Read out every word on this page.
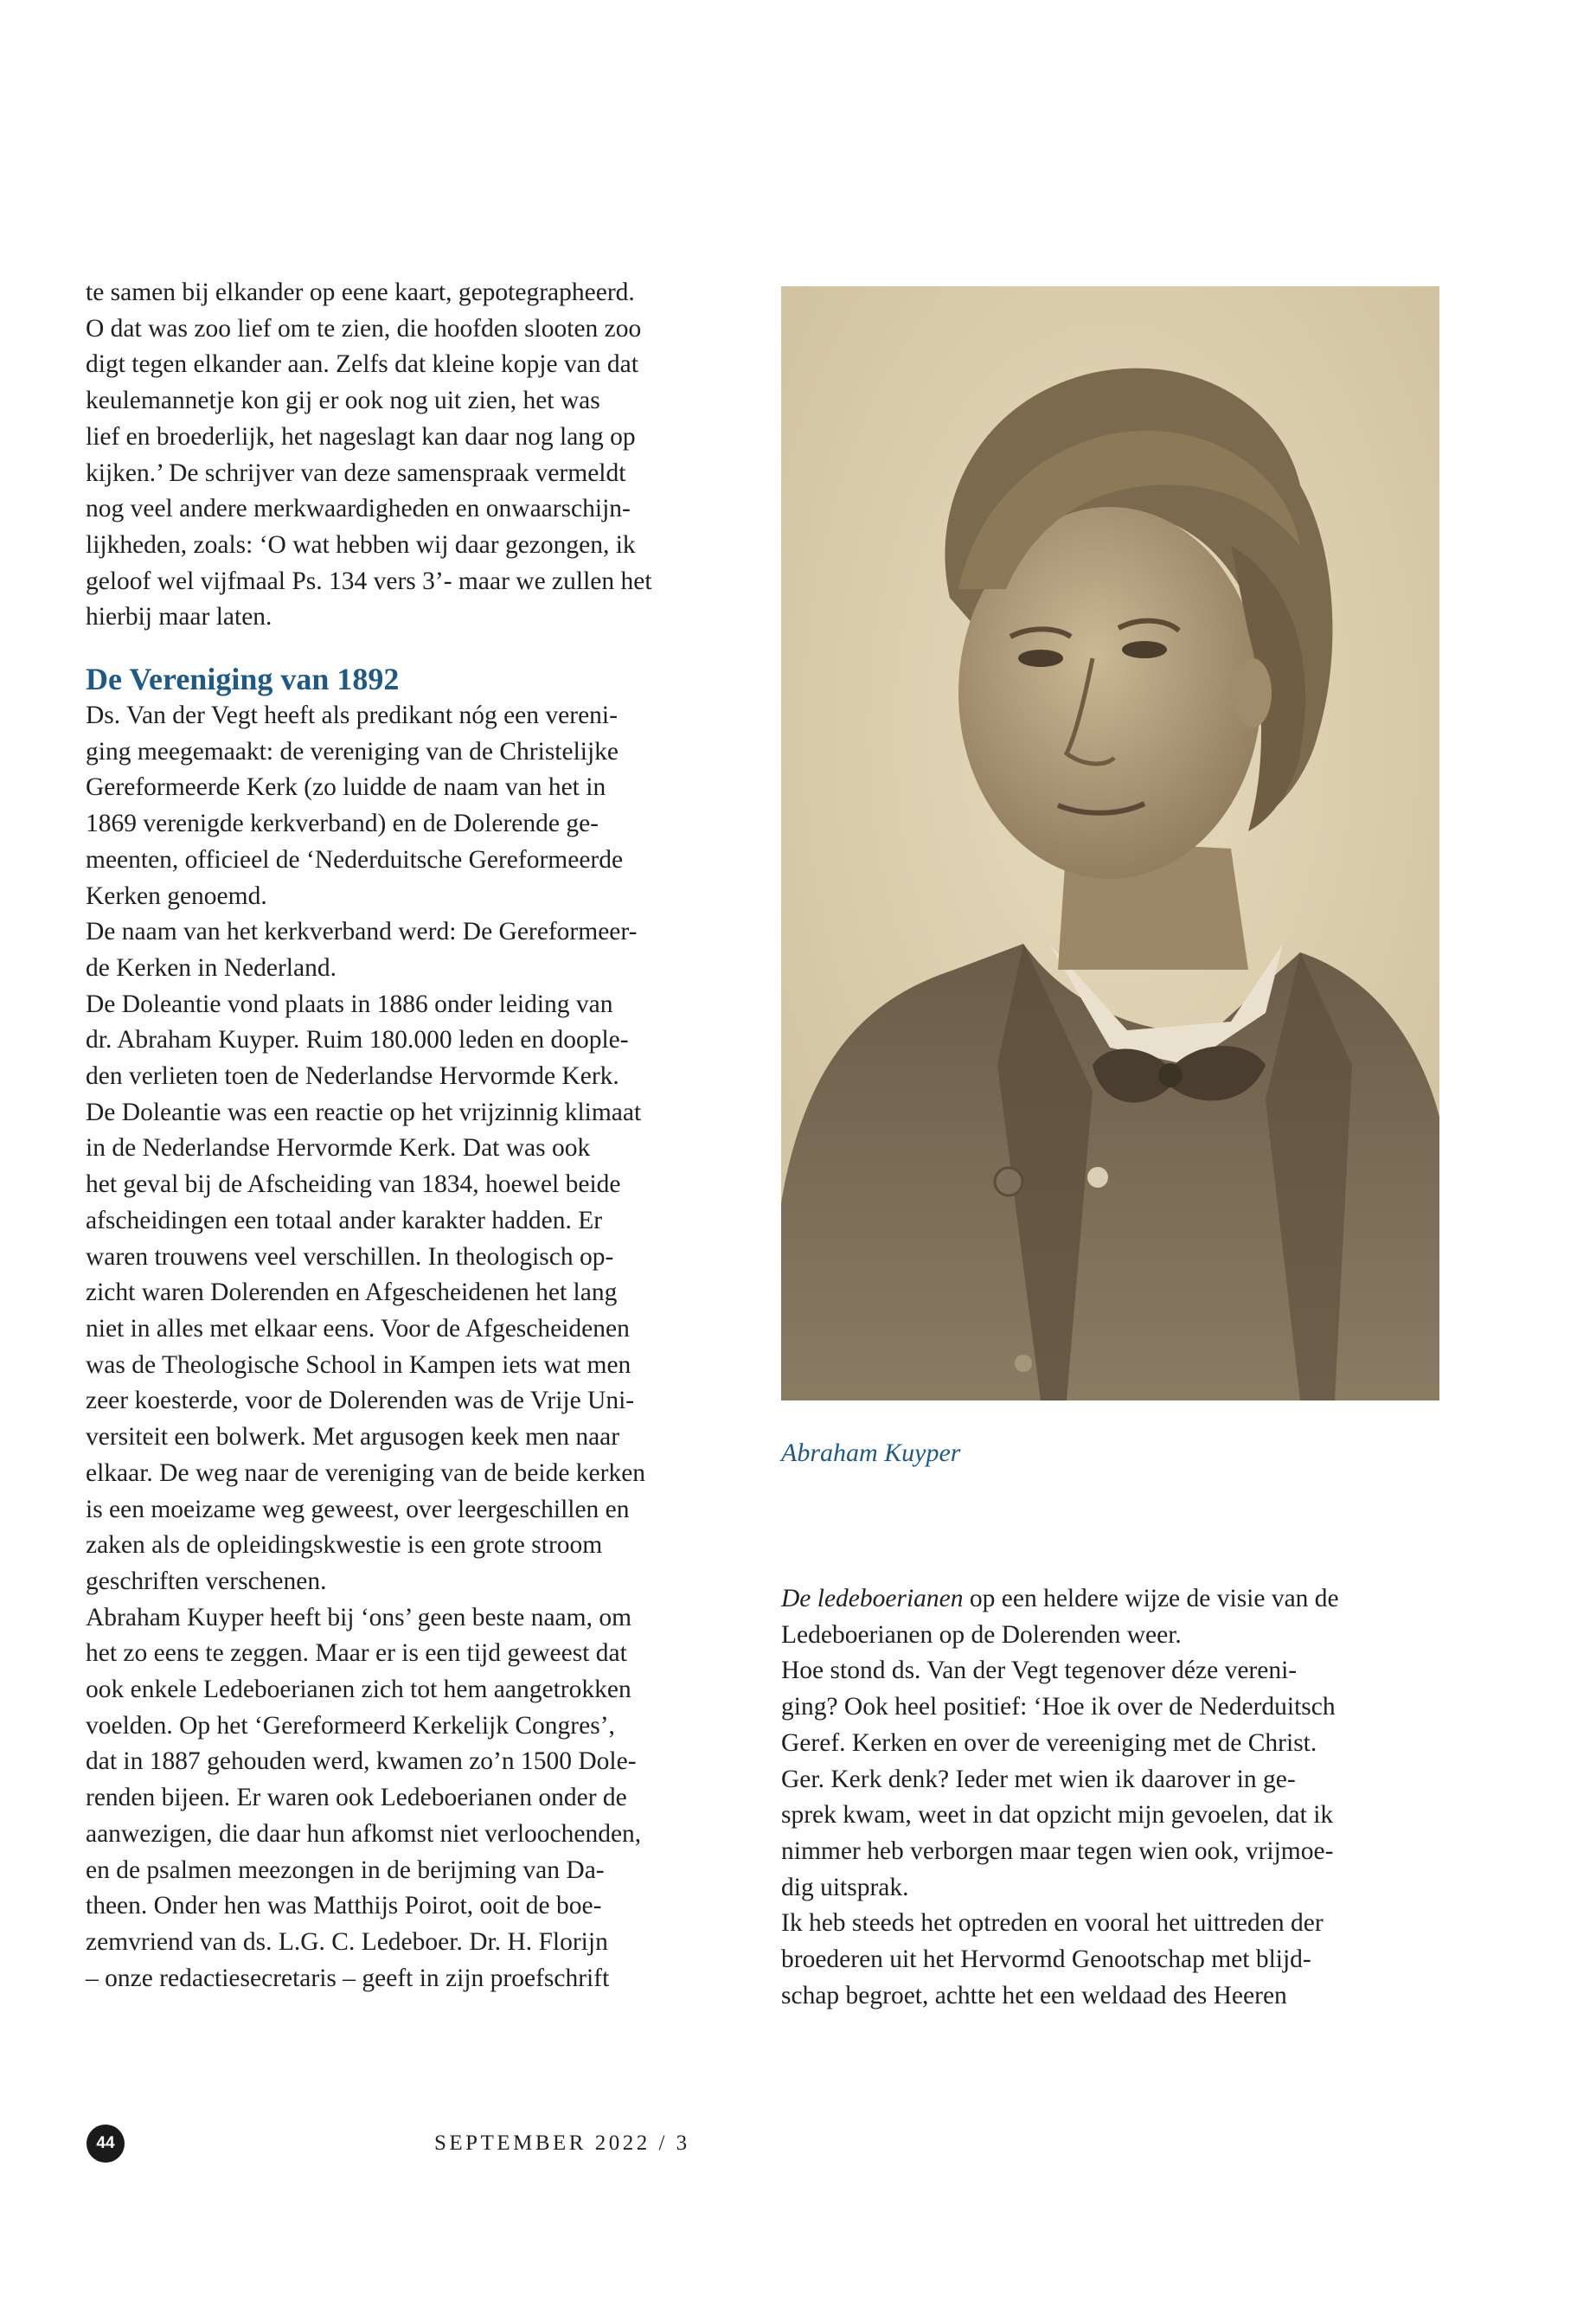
te samen bij elkander op eene kaart, gepotegrapheerd.
O dat was zoo lief om te zien, die hoofden slooten zoo
digt tegen elkander aan. Zelfs dat kleine kopje van dat
keulemannetje kon gij er ook nog uit zien, het was
lief en broederlijk, het nageslagt kan daar nog lang op
kijken.’ De schrijver van deze samenspraak vermeldt
nog veel andere merkwaardigheden en onwaarschijn-
lijkheden, zoals: ‘O wat hebben wij daar gezongen, ik
geloof wel vijfmaal Ps. 134 vers 3’- maar we zullen het
hierbij maar laten.
De Vereniging van 1892
Ds. Van der Vegt heeft als predikant nóg een vereni-
ging meegemaakt: de vereniging van de Christelijke
Gereformeerde Kerk (zo luidde de naam van het in
1869 verenigde kerkverband) en de Dolerende ge-
meenten, officieel de ‘Nederduitsche Gereformeerde
Kerken genoemd.
De naam van het kerkverband werd: De Gereformeer-
de Kerken in Nederland.
De Doleantie vond plaats in 1886 onder leiding van
dr. Abraham Kuyper. Ruim 180.000 leden en doople-
den verlieten toen de Nederlandse Hervormde Kerk.
De Doleantie was een reactie op het vrijzinnig klimaat
in de Nederlandse Hervormde Kerk. Dat was ook
het geval bij de Afscheiding van 1834, hoewel beide
afscheidingen een totaal ander karakter hadden. Er
waren trouwens veel verschillen. In theologisch op-
zicht waren Dolerenden en Afgescheidenen het lang
niet in alles met elkaar eens. Voor de Afgescheidenen
was de Theologische School in Kampen iets wat men
zeer koesterde, voor de Dolerenden was de Vrije Uni-
versiteit een bolwerk. Met argusogen keek men naar
elkaar. De weg naar de vereniging van de beide kerken
is een moeizame weg geweest, over leergeschillen en
zaken als de opleidingskwestie is een grote stroom
geschriften verschenen.
Abraham Kuyper heeft bij ‘ons’ geen beste naam, om
het zo eens te zeggen. Maar er is een tijd geweest dat
ook enkele Ledeboerianen zich tot hem aangetrokken
voelden. Op het ‘Gereformeerd Kerkelijk Congres’,
dat in 1887 gehouden werd, kwamen zo’n 1500 Dole-
renden bijeen. Er waren ook Ledeboerianen onder de
aanwezigen, die daar hun afkomst niet verloochenden,
en de psalmen meezongen in de berijming van Da-
theen. Onder hen was Matthijs Poirot, ooit de boe-
zemvriend van ds. L.G. C. Ledeboer. Dr. H. Florijn
– onze redactiesecretaris – geeft in zijn proefschrift
Abraham Kuyper
De ledeboerianen op een heldere wijze de visie van de
Ledeboerianen op de Dolerenden weer.
Hoe stond ds. Van der Vegt tegenover déze vereni-
ging? Ook heel positief: ‘Hoe ik over de Nederduitsch
Geref. Kerken en over de vereeniging met de Christ.
Ger. Kerk denk? Ieder met wien ik daarover in ge-
sprek kwam, weet in dat opzicht mijn gevoelen, dat ik
nimmer heb verborgen maar tegen wien ook, vrijmoe-
dig uitsprak.
Ik heb steeds het optreden en vooral het uittreden der
broederen uit het Hervormd Genootschap met blijd-
schap begroet, achtte het een weldaad des Heeren
44	SEPTEMBER 2022 / 3
